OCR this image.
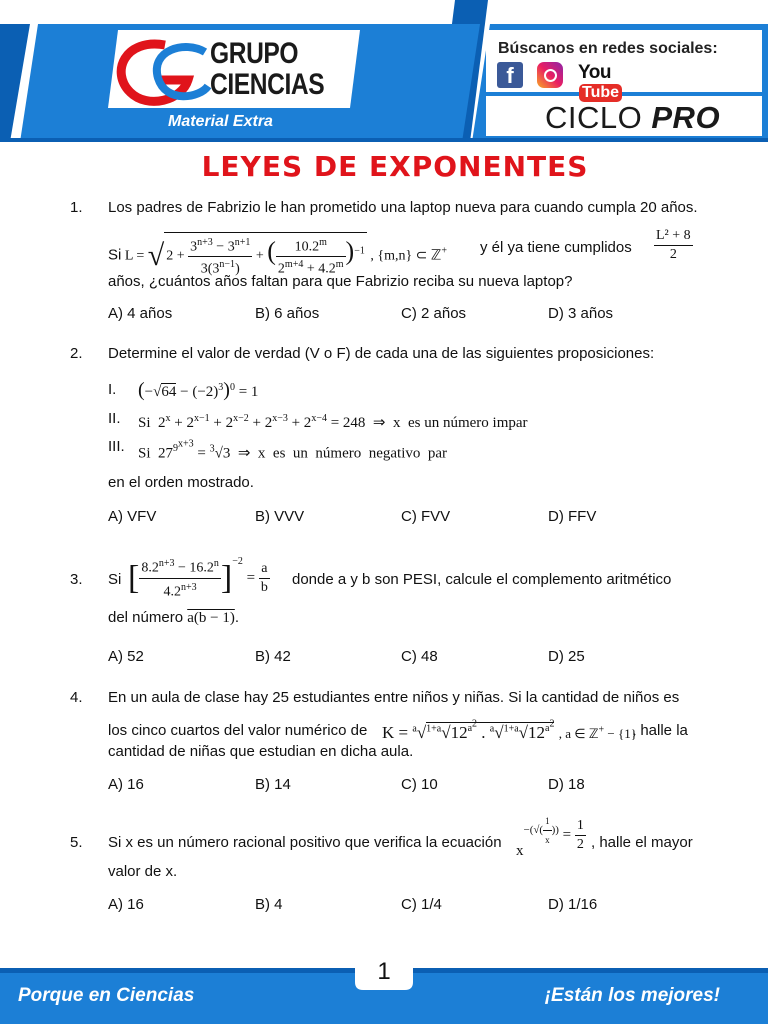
GRUPO
CIENCIAS
Material Extra
Búscanos en redes sociales:
f	YouTube
CICLO PRO
LEYES DE EXPONENTES
1. Los padres de Fabrizio le han prometido una laptop nueva para cuando cumpla 20 años.
Si L = √ $2 + \frac{3^{n+3} - 3^{n+1}}{3(3^{n-1})}$ + ( $\frac{10.2^m}{2^{m+4} + 4.2^m} )^{-1}$ , {m,n} ⊂ ℤ+ y él ya tiene cumplidos $\frac{\text{L² + 8}}{2}$
años, ¿cuántos años faltan para que Fabrizio reciba su nueva laptop?
A) 4 años	B) 6 años	C) 2 años	D) 3 años
2. Determine el valor de verdad (V o F) de cada una de las siguientes proposiciones:
I. $(-√64 - (-2)^3)^0 = 1$
II. Si  $2^x + 2^{x-1} + 2^{x-2} + 2^{x-3} + 2^{x-4} = 248$  ⇒  x  es un número impar
III. Si  $27^{9^{x+3}} = ^3√3$  ⇒  x  es  un  número  negativo  par
en el orden mostrado.
A) VFV	B) VVV	C) FVV	D) FFV
3. Si [ $\frac{8.2^{n+3} - 16.2^n}{4.2^{n+3}} ]^{-2} = \frac{a}{b}$ donde a y b son PESI, calcule el complemento aritmético
del número a(b − 1).
A) 52	B) 42	C) 48	D) 25
4. En un aula de clase hay 25 estudiantes entre niños y niñas. Si la cantidad de niños es
los cinco cuartos del valor numérico de $K = ^a√^{1+a}√12^{a^2}$ . $^a√^{1+a}√12^{a^2}$ , a ∈ ℤ+ − {1}
, halle la
cantidad de niñas que estudian en dicha aula.
A) 16	B) 14	C) 10	D) 18
5. Si x es un número racional positivo que verifica la ecuación
$x^{-(√( \frac{1}{x} ))} = \frac{1}{2}$ , halle el mayor
valor de x.
A) 16	B) 4	C) 1/4	D) 1/16
1
Porque en Ciencias	¡Están los mejores!
